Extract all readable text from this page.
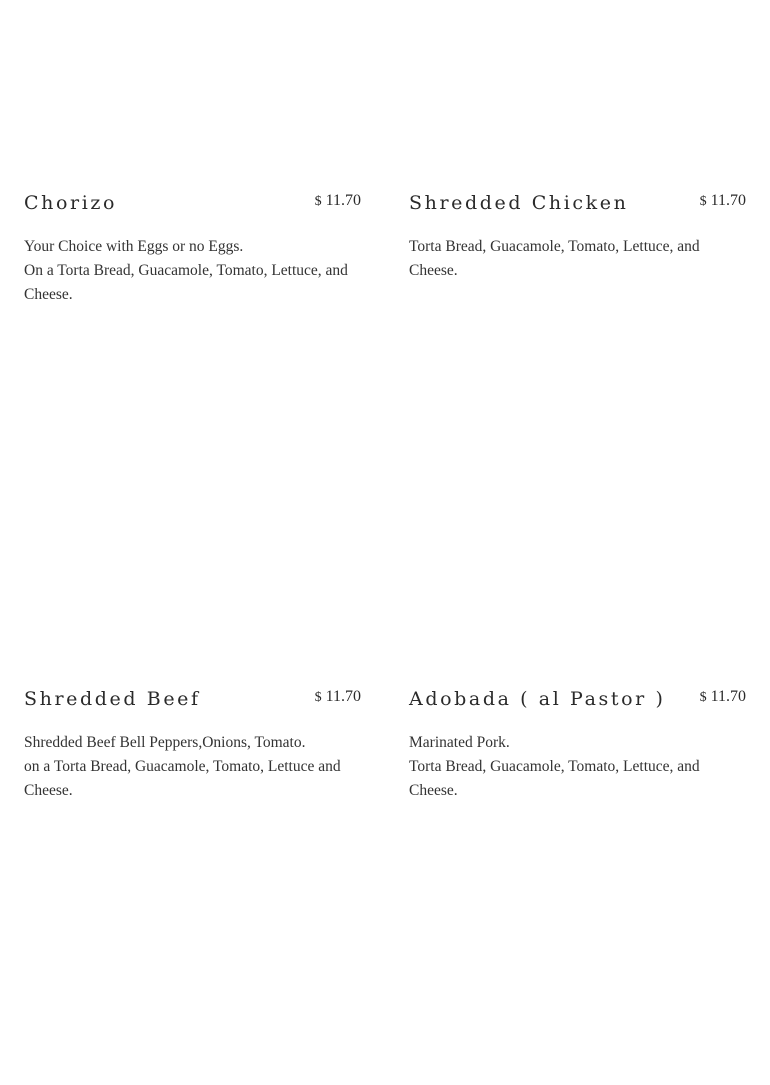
Chorizo	$ 11.70
Your Choice with Eggs or no Eggs.
On a Torta Bread, Guacamole, Tomato, Lettuce, and Cheese.
Shredded Chicken	$ 11.70
Torta Bread, Guacamole, Tomato, Lettuce, and Cheese.
Shredded Beef	$ 11.70
Shredded Beef Bell Peppers,Onions, Tomato.
on a Torta Bread, Guacamole, Tomato, Lettuce and Cheese.
Adobada ( al Pastor )	$ 11.70
Marinated Pork.
Torta Bread, Guacamole, Tomato, Lettuce, and Cheese.
